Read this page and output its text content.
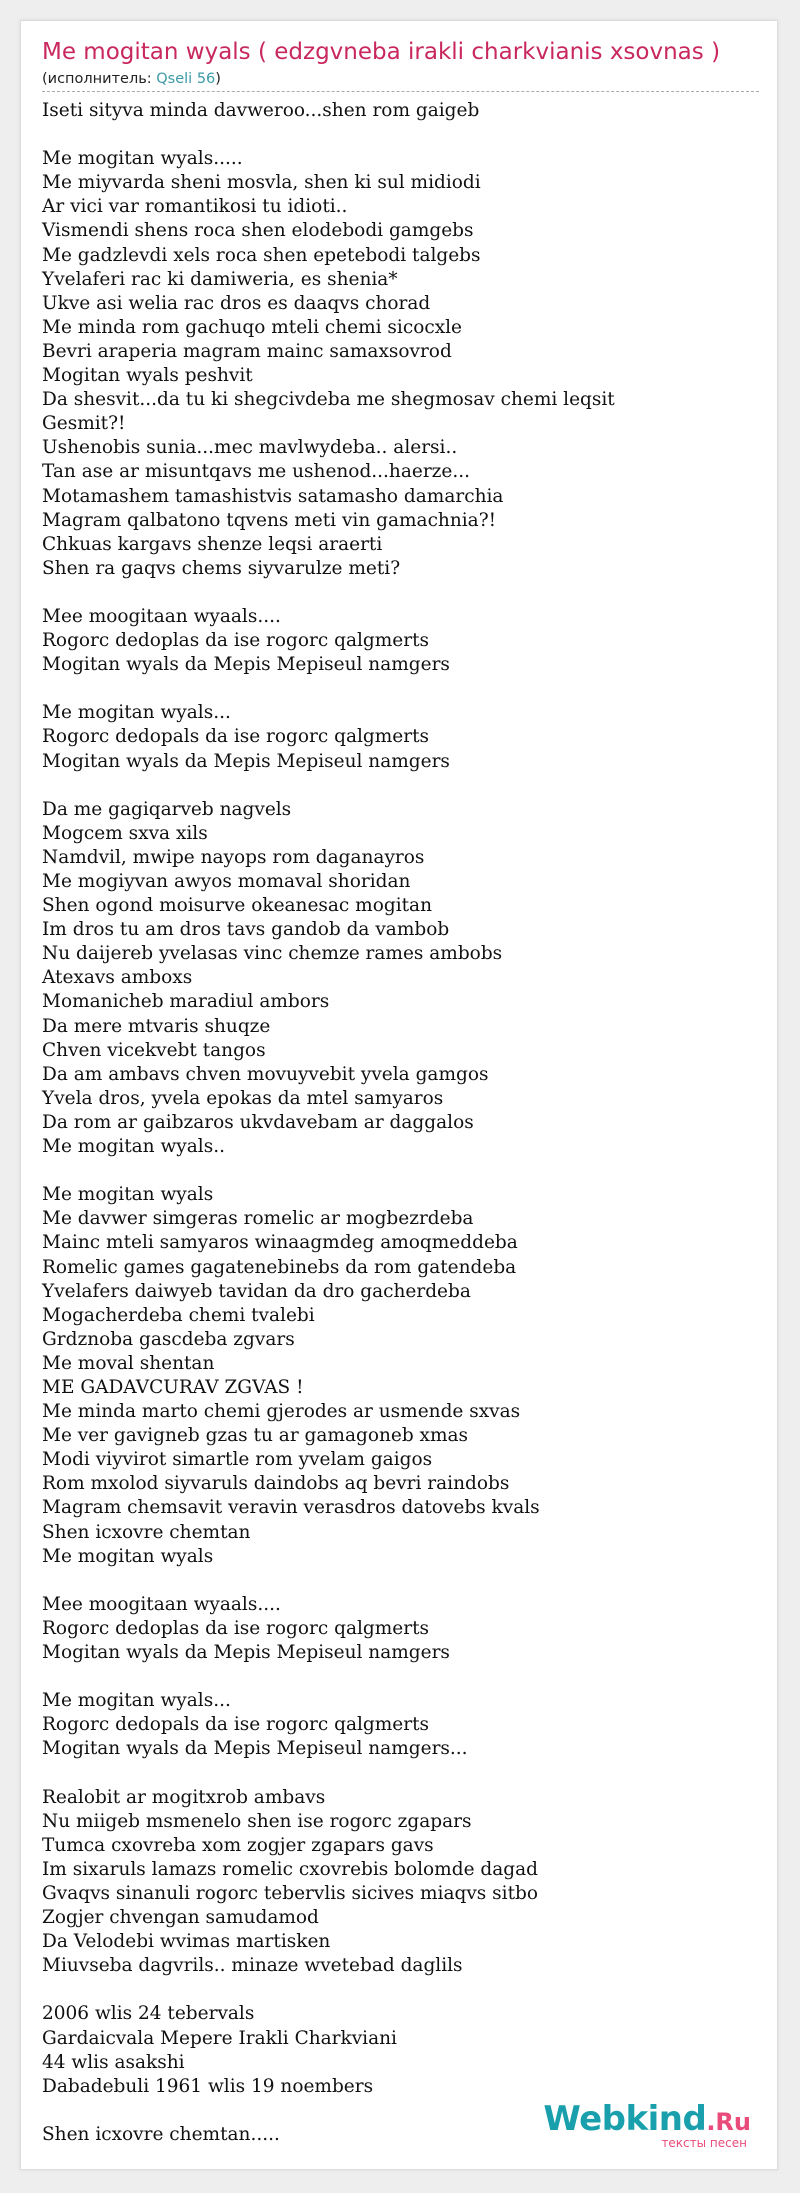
Me mogitan wyals ( edzgvneba irakli charkvianis xsovnas )
(исполнитель: Qseli 56)
Iseti sityva minda davweroo...shen rom gaigeb

Me mogitan wyals.....
Me miyvarda sheni mosvla, shen ki sul midiodi
Ar vici var romantikosi tu idioti..
Vismendi shens roca shen elodebodi gamgebs
Me gadzlevdi xels roca shen epetebodi talgebs
Yvelaferi rac ki damiweria, es shenia*
Ukve asi welia rac dros es daaqvs chorad
Me minda rom gachuqo mteli chemi sicocxle
Bevri araperia magram mainc samaxsovrod
Mogitan wyals peshvit
Da shesvit...da tu ki shegcivdeba me shegmosav chemi leqsit
Gesmit?!
Ushenobis sunia...mec mavlwydeba.. alersi..
Tan ase ar misuntqavs me ushenod...haerze...
Motamashem tamashistvis satamasho damarchia
Magram qalbatono tqvens meti vin gamachnia?!
Chkuas kargavs shenze leqsi araerti
Shen ra gaqvs chems siyvarulze meti?

Mee moogitaan wyaals....
Rogorc dedoplas da ise rogorc qalgmerts
Mogitan wyals da Mepis Mepiseul namgers

Me mogitan wyals...
Rogorc dedopals da ise rogorc qalgmerts
Mogitan wyals da Mepis Mepiseul namgers

Da me gagiqarveb nagvels
Mogcem sxva xils
Namdvil, mwipe nayops rom daganayros
Me mogiyvan awyos momaval shoridan
Shen ogond moisurve okeanesac mogitan
Im dros tu am dros tavs gandob da vambob
Nu daijereb yvelasas vinc chemze rames ambobs
Atexavs amboxs
Momanicheb maradiul ambors
Da mere mtvaris shuqze
Chven vicekvebt tangos
Da am ambavs chven movuyvebit yvela gamgos
Yvela dros, yvela epokas da mtel samyaros
Da rom ar gaibzaros ukvdavebam ar daggalos
Me mogitan wyals..

Me mogitan wyals
Me davwer simgeras romelic ar mogbezrdeba
Mainc mteli samyaros winaagmdeg amoqmeddeba
Romelic games gagatenebinebs da rom gatendeba
Yvelafers daiwyeb tavidan da dro gacherdeba
Mogacherdeba chemi tvalebi
Grdznoba gascdeba zgvars
Me moval shentan
ME GADAVCURAV ZGVAS !
Me minda marto chemi gjerodes ar usmende sxvas
Me ver gavigneb gzas tu ar gamagoneb xmas
Modi viyvirot simartle rom yvelam gaigos
Rom mxolod siyvaruls daindobs aq bevri raindobs
Magram chemsavit veravin verasdros datovebs kvals
Shen icxovre chemtan
Me mogitan wyals

Mee moogitaan wyaals....
Rogorc dedoplas da ise rogorc qalgmerts
Mogitan wyals da Mepis Mepiseul namgers

Me mogitan wyals...
Rogorc dedopals da ise rogorc qalgmerts
Mogitan wyals da Mepis Mepiseul namgers...

Realobit ar mogitxrob ambavs
Nu miigeb msmenelo shen ise rogorc zgapars
Tumca cxovreba xom zogjer zgapars gavs
Im sixaruls lamazs romelic cxovrebis bolomde dagad
Gvaqvs sinanuli rogorc tebervlis sicives miaqvs sitbo
Zogjer chvengan samudamod
Da Velodebi wvimas martisken
Miuvseba dagvrils.. minaze wvetebad daglils

2006 wlis 24 tebervals
Gardaicvala Mepere Irakli Charkviani
44 wlis asakshi
Dabadebuli 1961 wlis 19 noembers

Shen icxovre chemtan.....	Webkind.Ru
тексты песен
